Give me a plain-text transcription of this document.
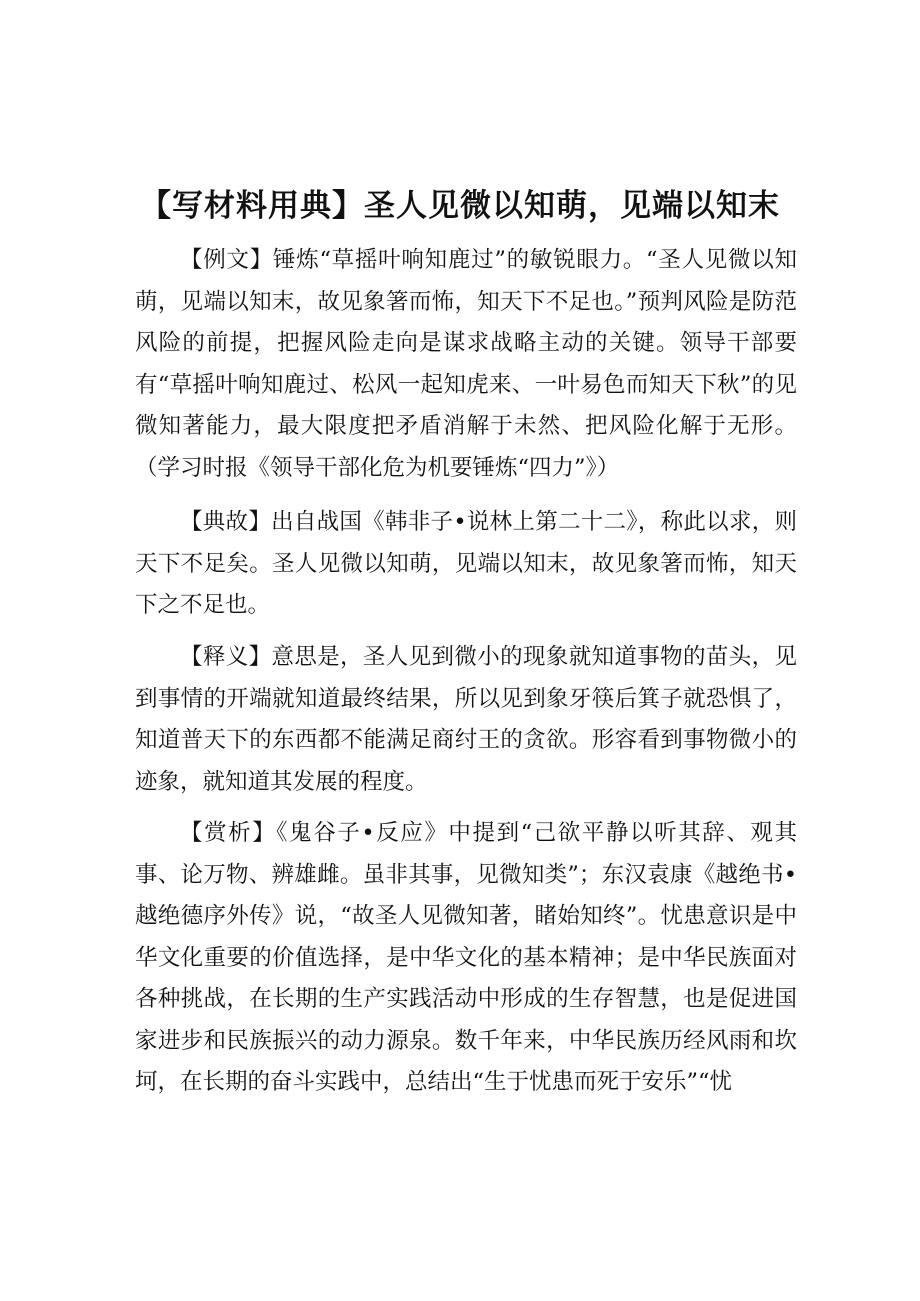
【写材料用典】圣人见微以知萌，见端以知末

【例文】锤炼“草摇叶响知鹿过”的敏锐眼力。“圣人见微以知萌，见端以知末，故见象箸而怖，知天下不足也。”预判风险是防范风险的前提，把握风险走向是谋求战略主动的关键。领导干部要有“草摇叶响知鹿过、松风一起知虎来、一叶易色而知天下秋”的见微知著能力，最大限度把矛盾消解于未然、把风险化解于无形。（学习时报《领导干部化危为机要锤炼“四力”》）

【典故】出自战国《韩非子•说林上第二十二》，称此以求，则天下不足矣。圣人见微以知萌，见端以知末，故见象箸而怖，知天下之不足也。

【释义】意思是，圣人见到微小的现象就知道事物的苗头，见到事情的开端就知道最终结果，所以见到象牙筷后箕子就恐惧了，知道普天下的东西都不能满足商纣王的贪欲。形容看到事物微小的迹象，就知道其发展的程度。

【赏析】《鬼谷子•反应》中提到“己欲平静以听其辞、观其事、论万物、辨雄雌。虽非其事，见微知类”；东汉袁康《越绝书•越绝德序外传》说，“故圣人见微知著，睹始知终”。忧患意识是中华文化重要的价值选择，是中华文化的基本精神；是中华民族面对各种挑战，在长期的生产实践活动中形成的生存智慧，也是促进国家进步和民族振兴的动力源泉。数千年来，中华民族历经风雨和坎坷，在长期的奋斗实践中，总结出“生于忧患而死于安乐”“忧
